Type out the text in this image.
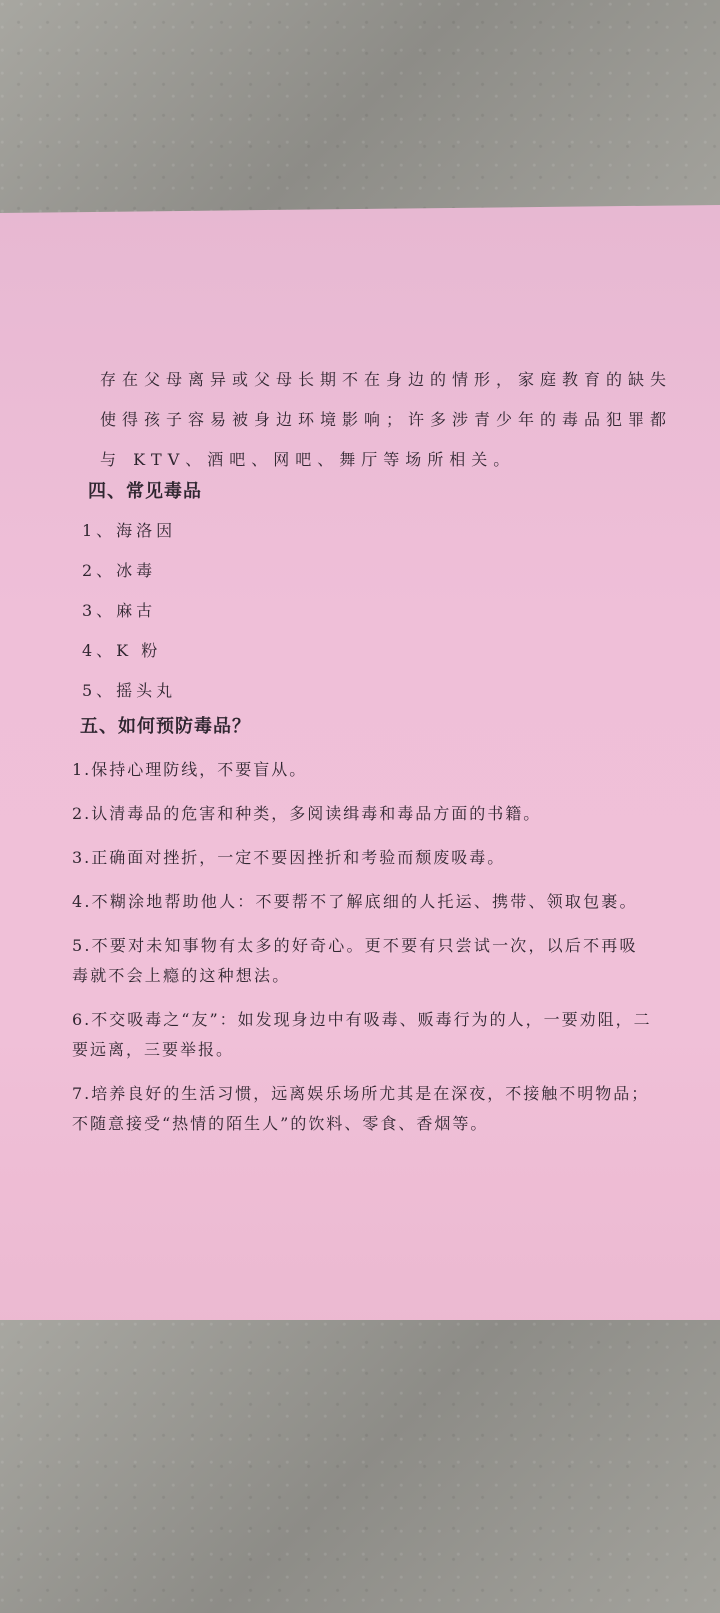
存在父母离异或父母长期不在身边的情形，家庭教育的缺失
使得孩子容易被身边环境影响；许多涉青少年的毒品犯罪都
与 KTV、酒吧、网吧、舞厅等场所相关。
四、常见毒品
1、海洛因
2、冰毒
3、麻古
4、K 粉
5、摇头丸
五、如何预防毒品？
1.保持心理防线，不要盲从。
2.认清毒品的危害和种类，多阅读缉毒和毒品方面的书籍。
3.正确面对挫折，一定不要因挫折和考验而颓废吸毒。
4.不糊涂地帮助他人：不要帮不了解底细的人托运、携带、领取包裹。
5.不要对未知事物有太多的好奇心。更不要有只尝试一次，以后不再吸毒就不会上瘾的这种想法。
6.不交吸毒之“友”：如发现身边中有吸毒、贩毒行为的人，一要劝阻，二要远离，三要举报。
7.培养良好的生活习惯，远离娱乐场所尤其是在深夜，不接触不明物品；不随意接受“热情的陌生人”的饮料、零食、香烟等。
